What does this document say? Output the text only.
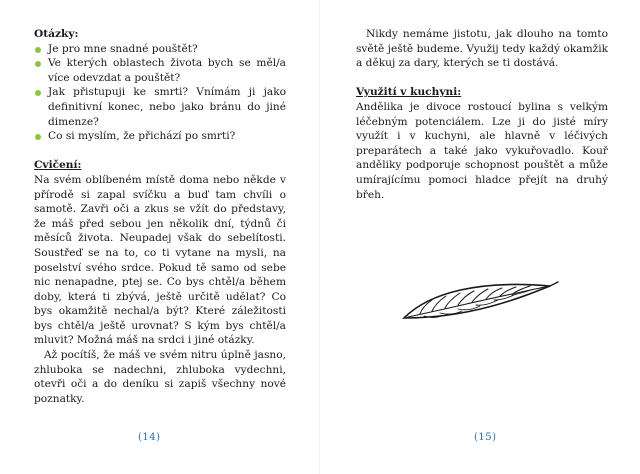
Otázky:
Je pro mne snadné pouštět?
Ve kterých oblastech života bych se měl/a více odevzdat a pouštět?
Jak přistupuji ke smrti? Vnímám ji jako definitivní konec, nebo jako bránu do jiné dimenze?
Co si myslím, že přichází po smrti?
Cvičení:

Na svém oblíbeném místě doma nebo někde v přírodě si zapal svíčku a buď tam chvíli o samotě. Zavři oči a zkus se vžít do představy, že máš před sebou jen několik dní, týdnů či měsíců života. Neupadej však do sebelítosti. Soustřeď se na to, co ti vytane na mysli, na poselství svého srdce. Pokud tě samo od sebe nic nenapadne, ptej se. Co bys chtěl/a během doby, která ti zbývá, ještě určitě udělat? Co bys okamžitě nechal/a být? Které záležitosti bys chtěl/a ještě urovnat? S kým bys chtěl/a mluvit? Možná máš na srdci i jiné otázky.

Až pocítíš, že máš ve svém nitru úplně jasno, zhluboka se nadechni, zhluboka vydechni, otevři oči a do deníku si zapiš všechny nové poznatky.

Nikdy nemáme jistotu, jak dlouho na tomto světě ještě budeme. Využij tedy každý okamžik a děkuj za dary, kterých se ti dostává.

Využití v kuchyni:

Andělika je divoce rostoucí bylina s velkým léčebným potenciálem. Lze ji do jisté míry využít i v kuchyni, ale hlavně v léčivých preparátech a také jako vykuřovadlo. Kouř anděliky podporuje schopnost pouštět a může umírajícímu pomoci hladce přejít na druhý břeh.

(14)	(15)
